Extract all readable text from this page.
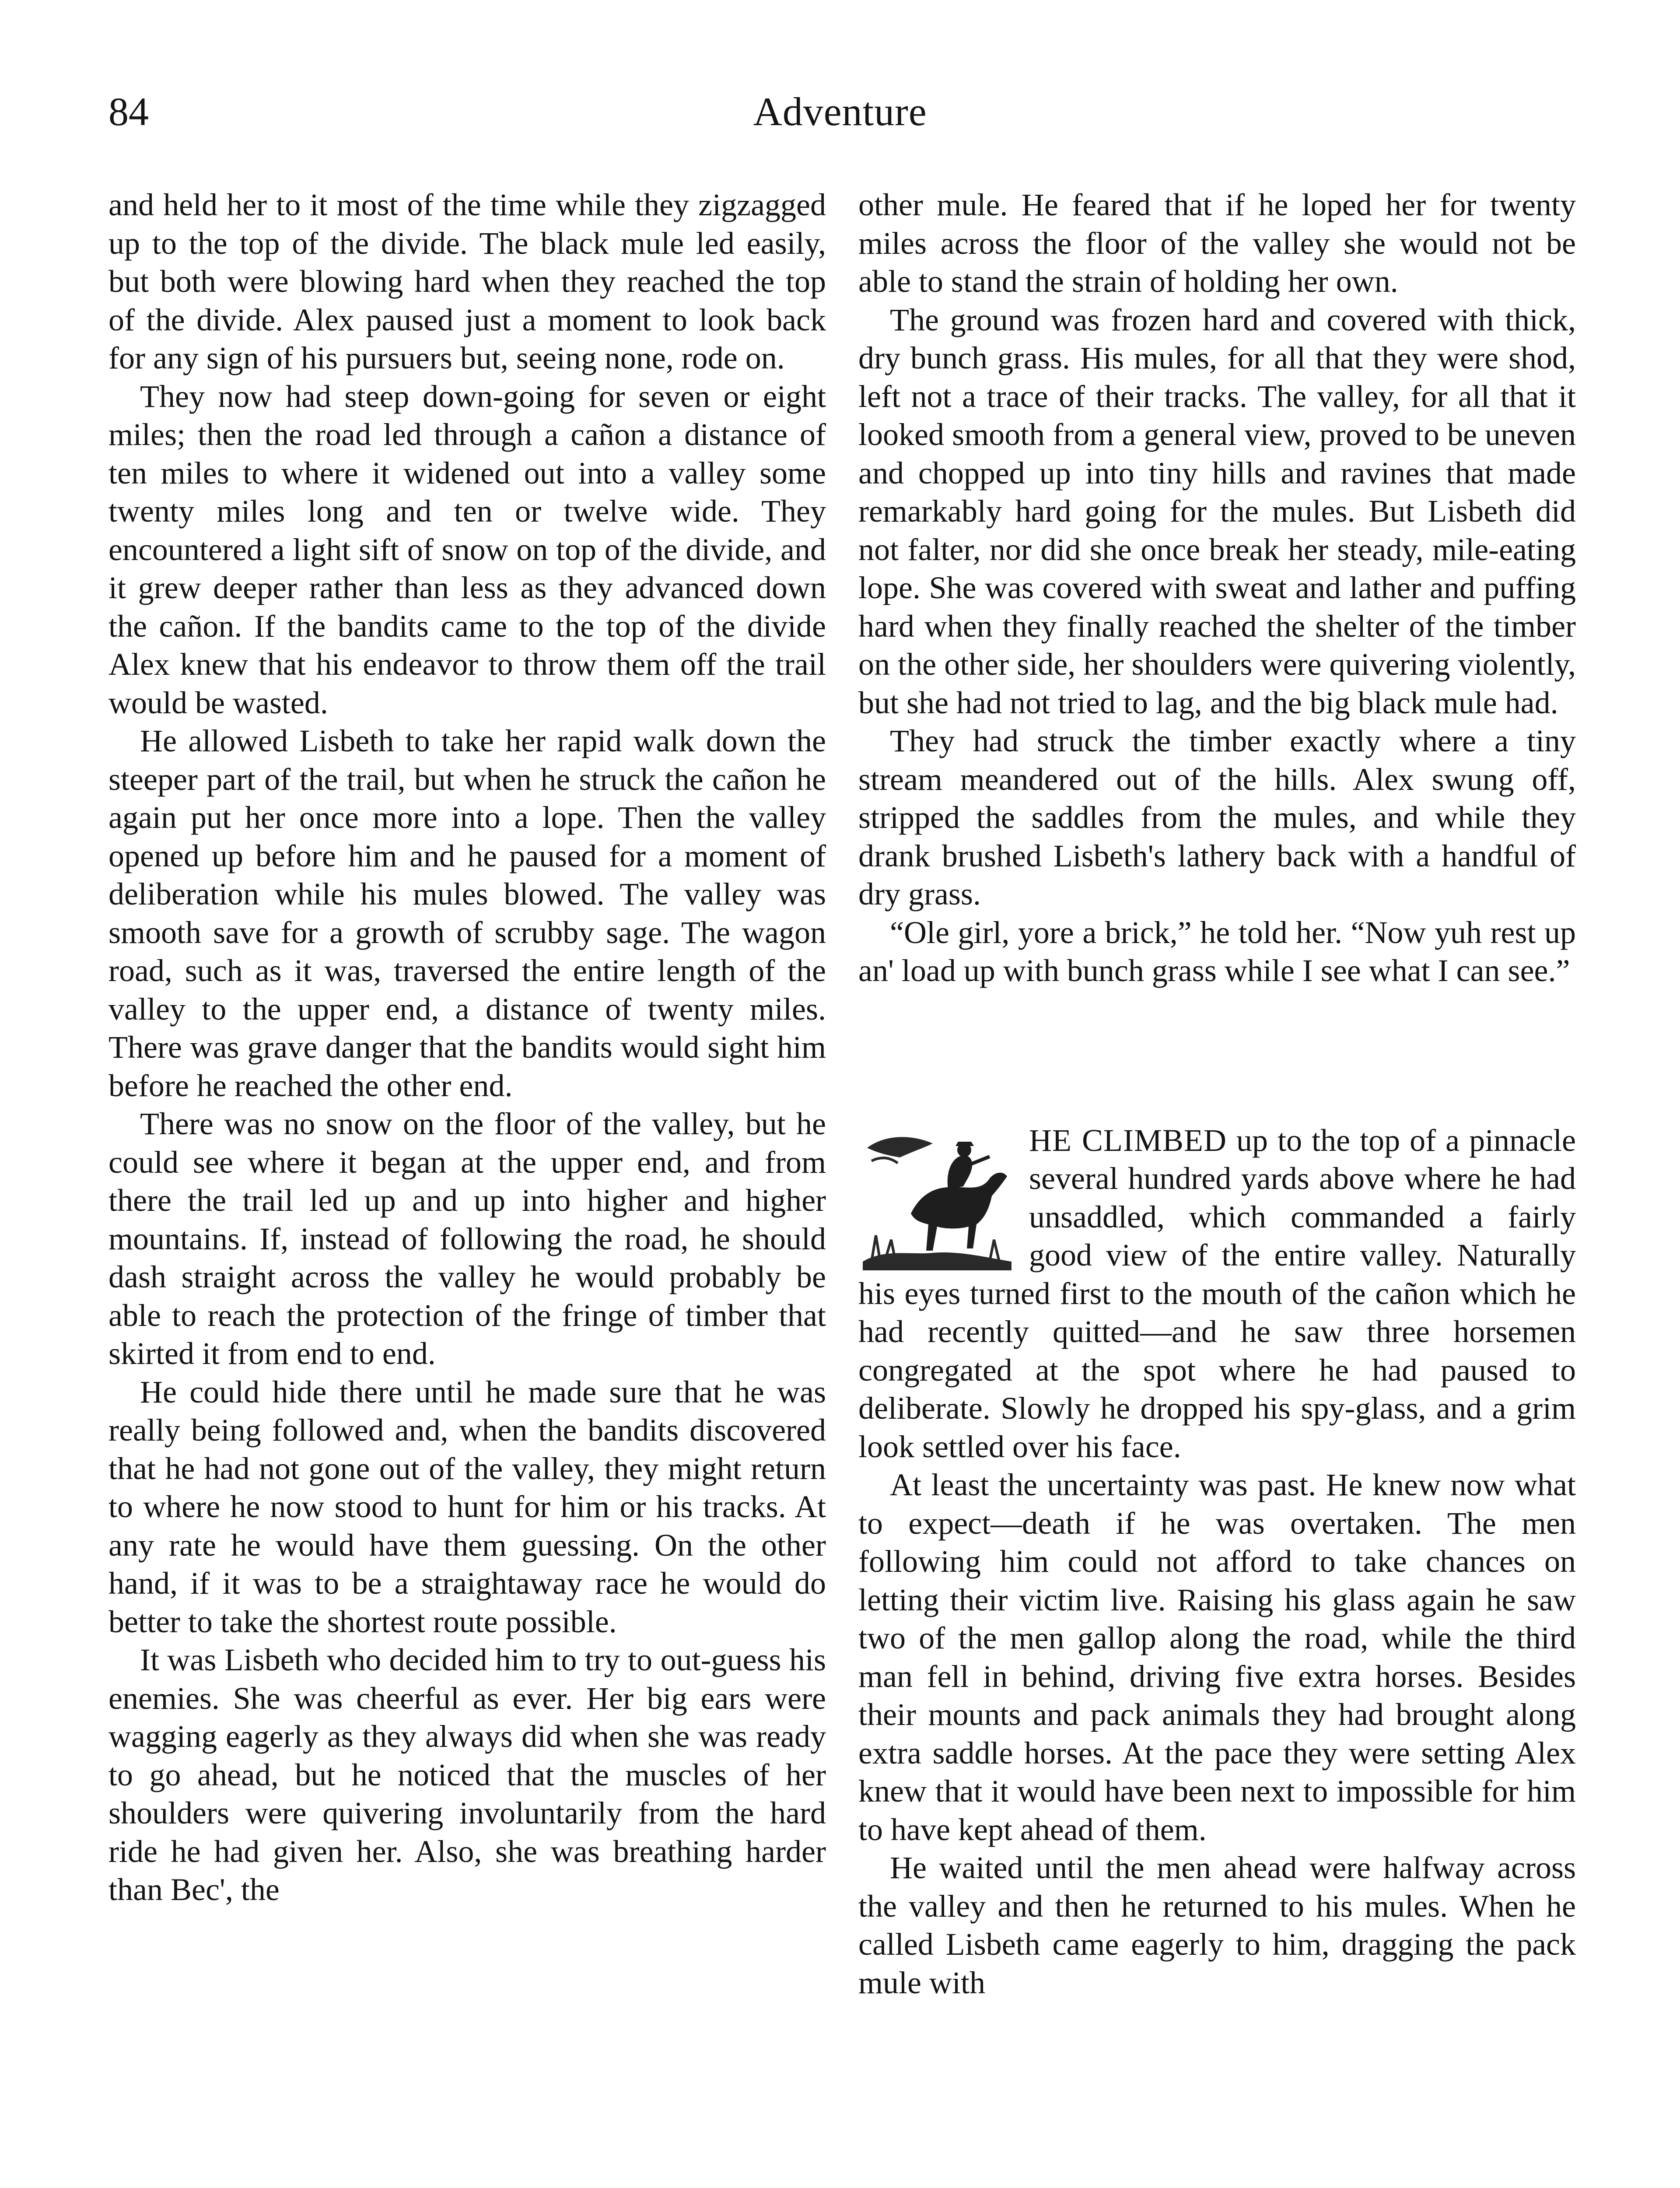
84	Adventure

and held her to it most of the time while they zigzagged up to the top of the divide. The black mule led easily, but both were blowing hard when they reached the top of the divide. Alex paused just a moment to look back for any sign of his pursuers but, seeing none, rode on.

They now had steep down-going for seven or eight miles; then the road led through a cañon a distance of ten miles to where it widened out into a valley some twenty miles long and ten or twelve wide. They encountered a light sift of snow on top of the divide, and it grew deeper rather than less as they advanced down the cañon. If the bandits came to the top of the divide Alex knew that his endeavor to throw them off the trail would be wasted.

He allowed Lisbeth to take her rapid walk down the steeper part of the trail, but when he struck the cañon he again put her once more into a lope. Then the valley opened up before him and he paused for a moment of deliberation while his mules blowed. The valley was smooth save for a growth of scrubby sage. The wagon road, such as it was, traversed the entire length of the valley to the upper end, a distance of twenty miles. There was grave danger that the bandits would sight him before he reached the other end.

There was no snow on the floor of the valley, but he could see where it began at the upper end, and from there the trail led up and up into higher and higher mountains. If, instead of following the road, he should dash straight across the valley he would probably be able to reach the protection of the fringe of timber that skirted it from end to end.

He could hide there until he made sure that he was really being followed and, when the bandits discovered that he had not gone out of the valley, they might return to where he now stood to hunt for him or his tracks. At any rate he would have them guessing. On the other hand, if it was to be a straightaway race he would do better to take the shortest route possible.

It was Lisbeth who decided him to try to out-guess his enemies. She was cheerful as ever. Her big ears were wagging eagerly as they always did when she was ready to go ahead, but he noticed that the muscles of her shoulders were quivering involuntarily from the hard ride he had given her. Also, she was breathing harder than Bec', the

other mule. He feared that if he loped her for twenty miles across the floor of the valley she would not be able to stand the strain of holding her own.

The ground was frozen hard and covered with thick, dry bunch grass. His mules, for all that they were shod, left not a trace of their tracks. The valley, for all that it looked smooth from a general view, proved to be uneven and chopped up into tiny hills and ravines that made remarkably hard going for the mules. But Lisbeth did not falter, nor did she once break her steady, mile-eating lope. She was covered with sweat and lather and puffing hard when they finally reached the shelter of the timber on the other side, her shoulders were quivering violently, but she had not tried to lag, and the big black mule had.

They had struck the timber exactly where a tiny stream meandered out of the hills. Alex swung off, stripped the saddles from the mules, and while they drank brushed Lisbeth's lathery back with a handful of dry grass.

“Ole girl, yore a brick,” he told her. “Now yuh rest up an' load up with bunch grass while I see what I can see.”

HE CLIMBED up to the top of a pinnacle several hundred yards above where he had unsaddled, which commanded a fairly good view of the entire valley. Naturally his eyes turned first to the mouth of the cañon which he had recently quitted—and he saw three horsemen congregated at the spot where he had paused to deliberate. Slowly he dropped his spy-glass, and a grim look settled over his face.

At least the uncertainty was past. He knew now what to expect—death if he was overtaken. The men following him could not afford to take chances on letting their victim live. Raising his glass again he saw two of the men gallop along the road, while the third man fell in behind, driving five extra horses. Besides their mounts and pack animals they had brought along extra saddle horses. At the pace they were setting Alex knew that it would have been next to impossible for him to have kept ahead of them.

He waited until the men ahead were halfway across the valley and then he returned to his mules. When he called Lisbeth came eagerly to him, dragging the pack mule with
